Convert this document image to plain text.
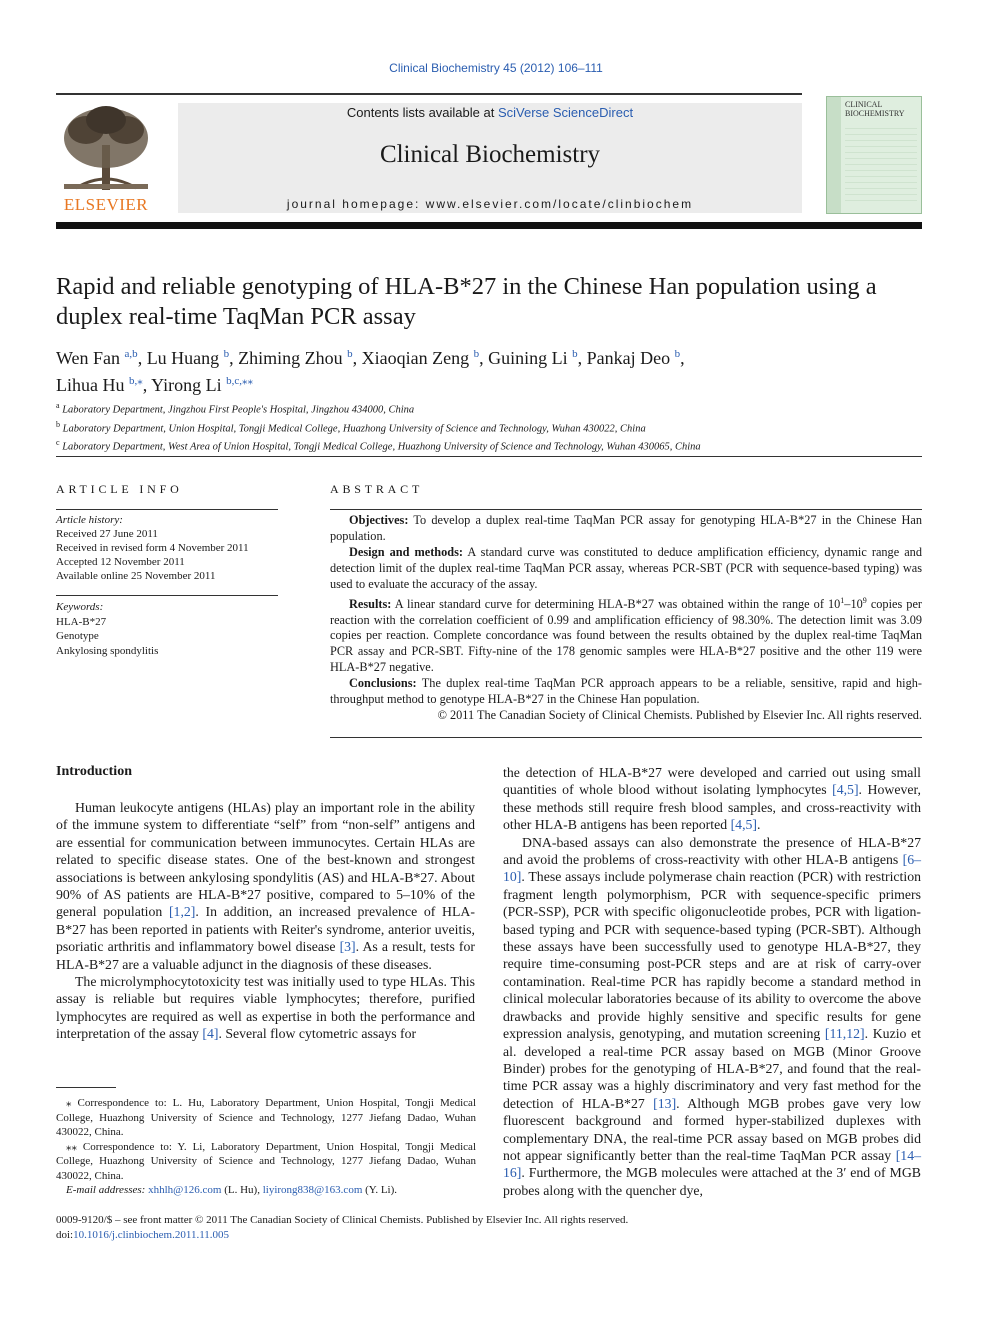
Clinical Biochemistry 45 (2012) 106–111
ELSEVIER
Contents lists available at SciVerse ScienceDirect
Clinical Biochemistry
journal homepage: www.elsevier.com/locate/clinbiochem
CLINICAL BIOCHEMISTRY
Rapid and reliable genotyping of HLA-B*27 in the Chinese Han population using a
duplex real-time TaqMan PCR assay
Wen Fan $^{a,b}$, Lu Huang $^b$, Zhiming Zhou $^b$, Xiaoqian Zeng $^b$, Guining Li $^b$, Pankaj Deo $^b$,
Lihua Hu $^{b,⁎}$, Yirong Li $^{b,c,⁎⁎}$
$^a$ Laboratory Department, Jingzhou First People's Hospital, Jingzhou 434000, China
$^b$ Laboratory Department, Union Hospital, Tongji Medical College, Huazhong University of Science and Technology, Wuhan 430022, China
$^c$ Laboratory Department, West Area of Union Hospital, Tongji Medical College, Huazhong University of Science and Technology, Wuhan 430065, China
ARTICLE INFO
Article history:
Received 27 June 2011
Received in revised form 4 November 2011
Accepted 12 November 2011
Available online 25 November 2011
Keywords:
HLA-B*27
Genotype
Ankylosing spondylitis
ABSTRACT

Objectives: To develop a duplex real-time TaqMan PCR assay for genotyping HLA-B*27 in the Chinese Han population.

Design and methods: A standard curve was constituted to deduce amplification efficiency, dynamic range and detection limit of the duplex real-time TaqMan PCR assay, whereas PCR-SBT (PCR with sequence-based typing) was used to evaluate the accuracy of the assay.

Results: A linear standard curve for determining HLA-B*27 was obtained within the range of $10^1-10^9$ copies per reaction with the correlation coefficient of 0.99 and amplification efficiency of 98.30%. The detection limit was 3.09 copies per reaction. Complete concordance was found between the results obtained by the duplex real-time TaqMan PCR assay and PCR-SBT. Fifty-nine of the 178 genomic samples were HLA-B*27 positive and the other 119 were HLA-B*27 negative.

Conclusions: The duplex real-time TaqMan PCR approach appears to be a reliable, sensitive, rapid and high-throughput method to genotype HLA-B*27 in the Chinese Han population.

© 2011 The Canadian Society of Clinical Chemists. Published by Elsevier Inc. All rights reserved.

Introduction

Human leukocyte antigens (HLAs) play an important role in the ability of the immune system to differentiate “self” from “non-self” antigens and are essential for communication between immunocytes. Certain HLAs are related to specific disease states. One of the best-known and strongest associations is between ankylosing spondylitis (AS) and HLA-B*27. About 90% of AS patients are HLA-B*27 positive, compared to 5–10% of the general population [1,2]. In addition, an increased prevalence of HLA-B*27 has been reported in patients with Reiter's syndrome, anterior uveitis, psoriatic arthritis and inflammatory bowel disease [3]. As a result, tests for HLA-B*27 are a valuable adjunct in the diagnosis of these diseases.

The microlymphocytotoxicity test was initially used to type HLAs. This assay is reliable but requires viable lymphocytes; therefore, purified lymphocytes are required as well as expertise in both the performance and interpretation of the assay [4]. Several flow cytometric assays for

the detection of HLA-B*27 were developed and carried out using small quantities of whole blood without isolating lymphocytes [4,5]. However, these methods still require fresh blood samples, and cross-reactivity with other HLA-B antigens has been reported [4,5].

DNA-based assays can also demonstrate the presence of HLA-B*27 and avoid the problems of cross-reactivity with other HLA-B antigens [6–10]. These assays include polymerase chain reaction (PCR) with restriction fragment length polymorphism, PCR with sequence-specific primers (PCR-SSP), PCR with specific oligonucleotide probes, PCR with ligation-based typing and PCR with sequence-based typing (PCR-SBT). Although these assays have been successfully used to genotype HLA-B*27, they require time-consuming post-PCR steps and are at risk of carry-over contamination. Real-time PCR has rapidly become a standard method in clinical molecular laboratories because of its ability to overcome the above drawbacks and provide highly sensitive and specific results for gene expression analysis, genotyping, and mutation screening [11,12]. Kuzio et al. developed a real-time PCR assay based on MGB (Minor Groove Binder) probes for the genotyping of HLA-B*27, and found that the real-time PCR assay was a highly discriminatory and very fast method for the detection of HLA-B*27 [13]. Although MGB probes gave very low fluorescent background and formed hyper-stabilized duplexes with complementary DNA, the real-time PCR assay based on MGB probes did not appear significantly better than the real-time TaqMan PCR assay [14–16]. Furthermore, the MGB molecules were attached at the 3′ end of MGB probes along with the quencher dye,

⁎ Correspondence to: L. Hu, Laboratory Department, Union Hospital, Tongji Medical College, Huazhong University of Science and Technology, 1277 Jiefang Dadao, Wuhan 430022, China.

⁎⁎ Correspondence to: Y. Li, Laboratory Department, Union Hospital, Tongji Medical College, Huazhong University of Science and Technology, 1277 Jiefang Dadao, Wuhan 430022, China.

E-mail addresses: xhhlh@126.com (L. Hu), liyirong838@163.com (Y. Li).

0009-9120/$ – see front matter © 2011 The Canadian Society of Clinical Chemists. Published by Elsevier Inc. All rights reserved.
doi:10.1016/j.clinbiochem.2011.11.005
